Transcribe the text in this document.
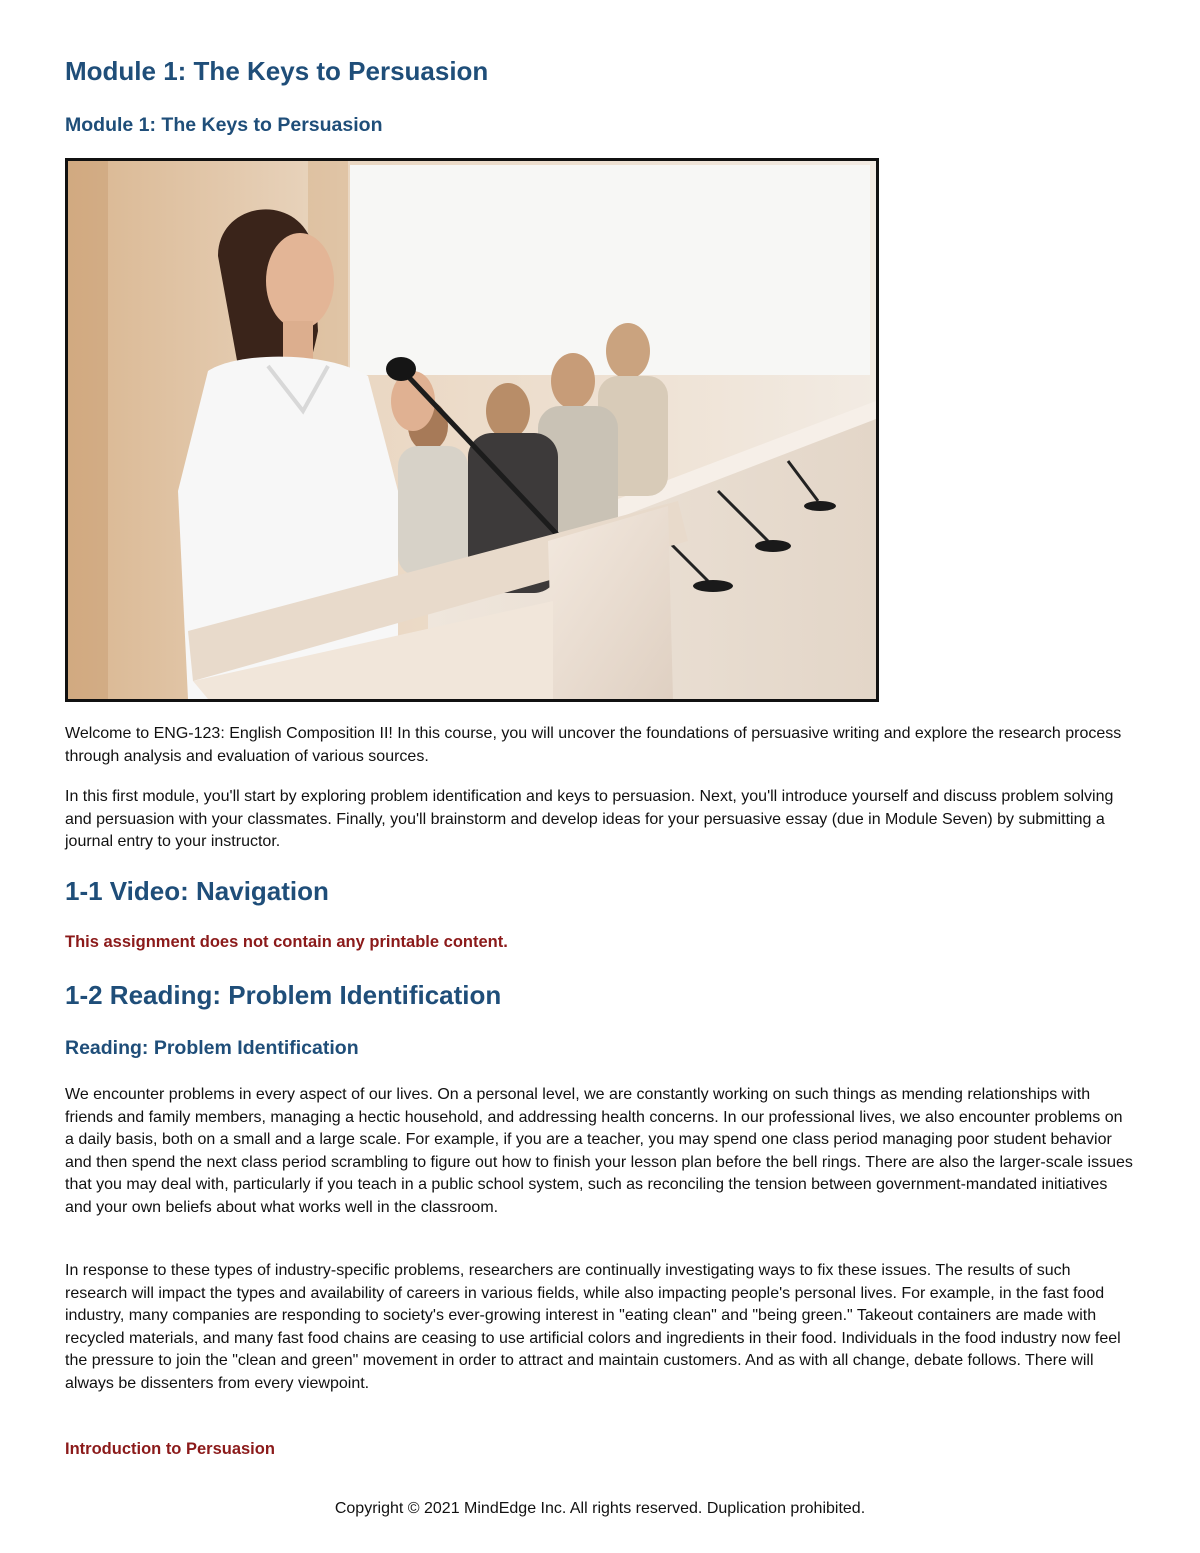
Module 1: The Keys to Persuasion
Module 1: The Keys to Persuasion

Welcome to ENG-123: English Composition II! In this course, you will uncover the foundations of persuasive writing and explore the research process through analysis and evaluation of various sources.

In this first module, you'll start by exploring problem identification and keys to persuasion. Next, you'll introduce yourself and discuss problem solving and persuasion with your classmates. Finally, you'll brainstorm and develop ideas for your persuasive essay (due in Module Seven) by submitting a journal entry to your instructor.

1-1 Video: Navigation
This assignment does not contain any printable content.
1-2 Reading: Problem Identification
Reading: Problem Identification

We encounter problems in every aspect of our lives. On a personal level, we are constantly working on such things as mending relationships with friends and family members, managing a hectic household, and addressing health concerns. In our professional lives, we also encounter problems on a daily basis, both on a small and a large scale. For example, if you are a teacher, you may spend one class period managing poor student behavior and then spend the next class period scrambling to figure out how to finish your lesson plan before the bell rings. There are also the larger-scale issues that you may deal with, particularly if you teach in a public school system, such as reconciling the tension between government-mandated initiatives and your own beliefs about what works well in the classroom.

In response to these types of industry-specific problems, researchers are continually investigating ways to fix these issues. The results of such research will impact the types and availability of careers in various fields, while also impacting people's personal lives. For example, in the fast food industry, many companies are responding to society's ever-growing interest in "eating clean" and "being green." Takeout containers are made with recycled materials, and many fast food chains are ceasing to use artificial colors and ingredients in their food. Individuals in the food industry now feel the pressure to join the "clean and green" movement in order to attract and maintain customers. And as with all change, debate follows. There will always be dissenters from every viewpoint.

Introduction to Persuasion
Copyright © 2021 MindEdge Inc. All rights reserved. Duplication prohibited.
